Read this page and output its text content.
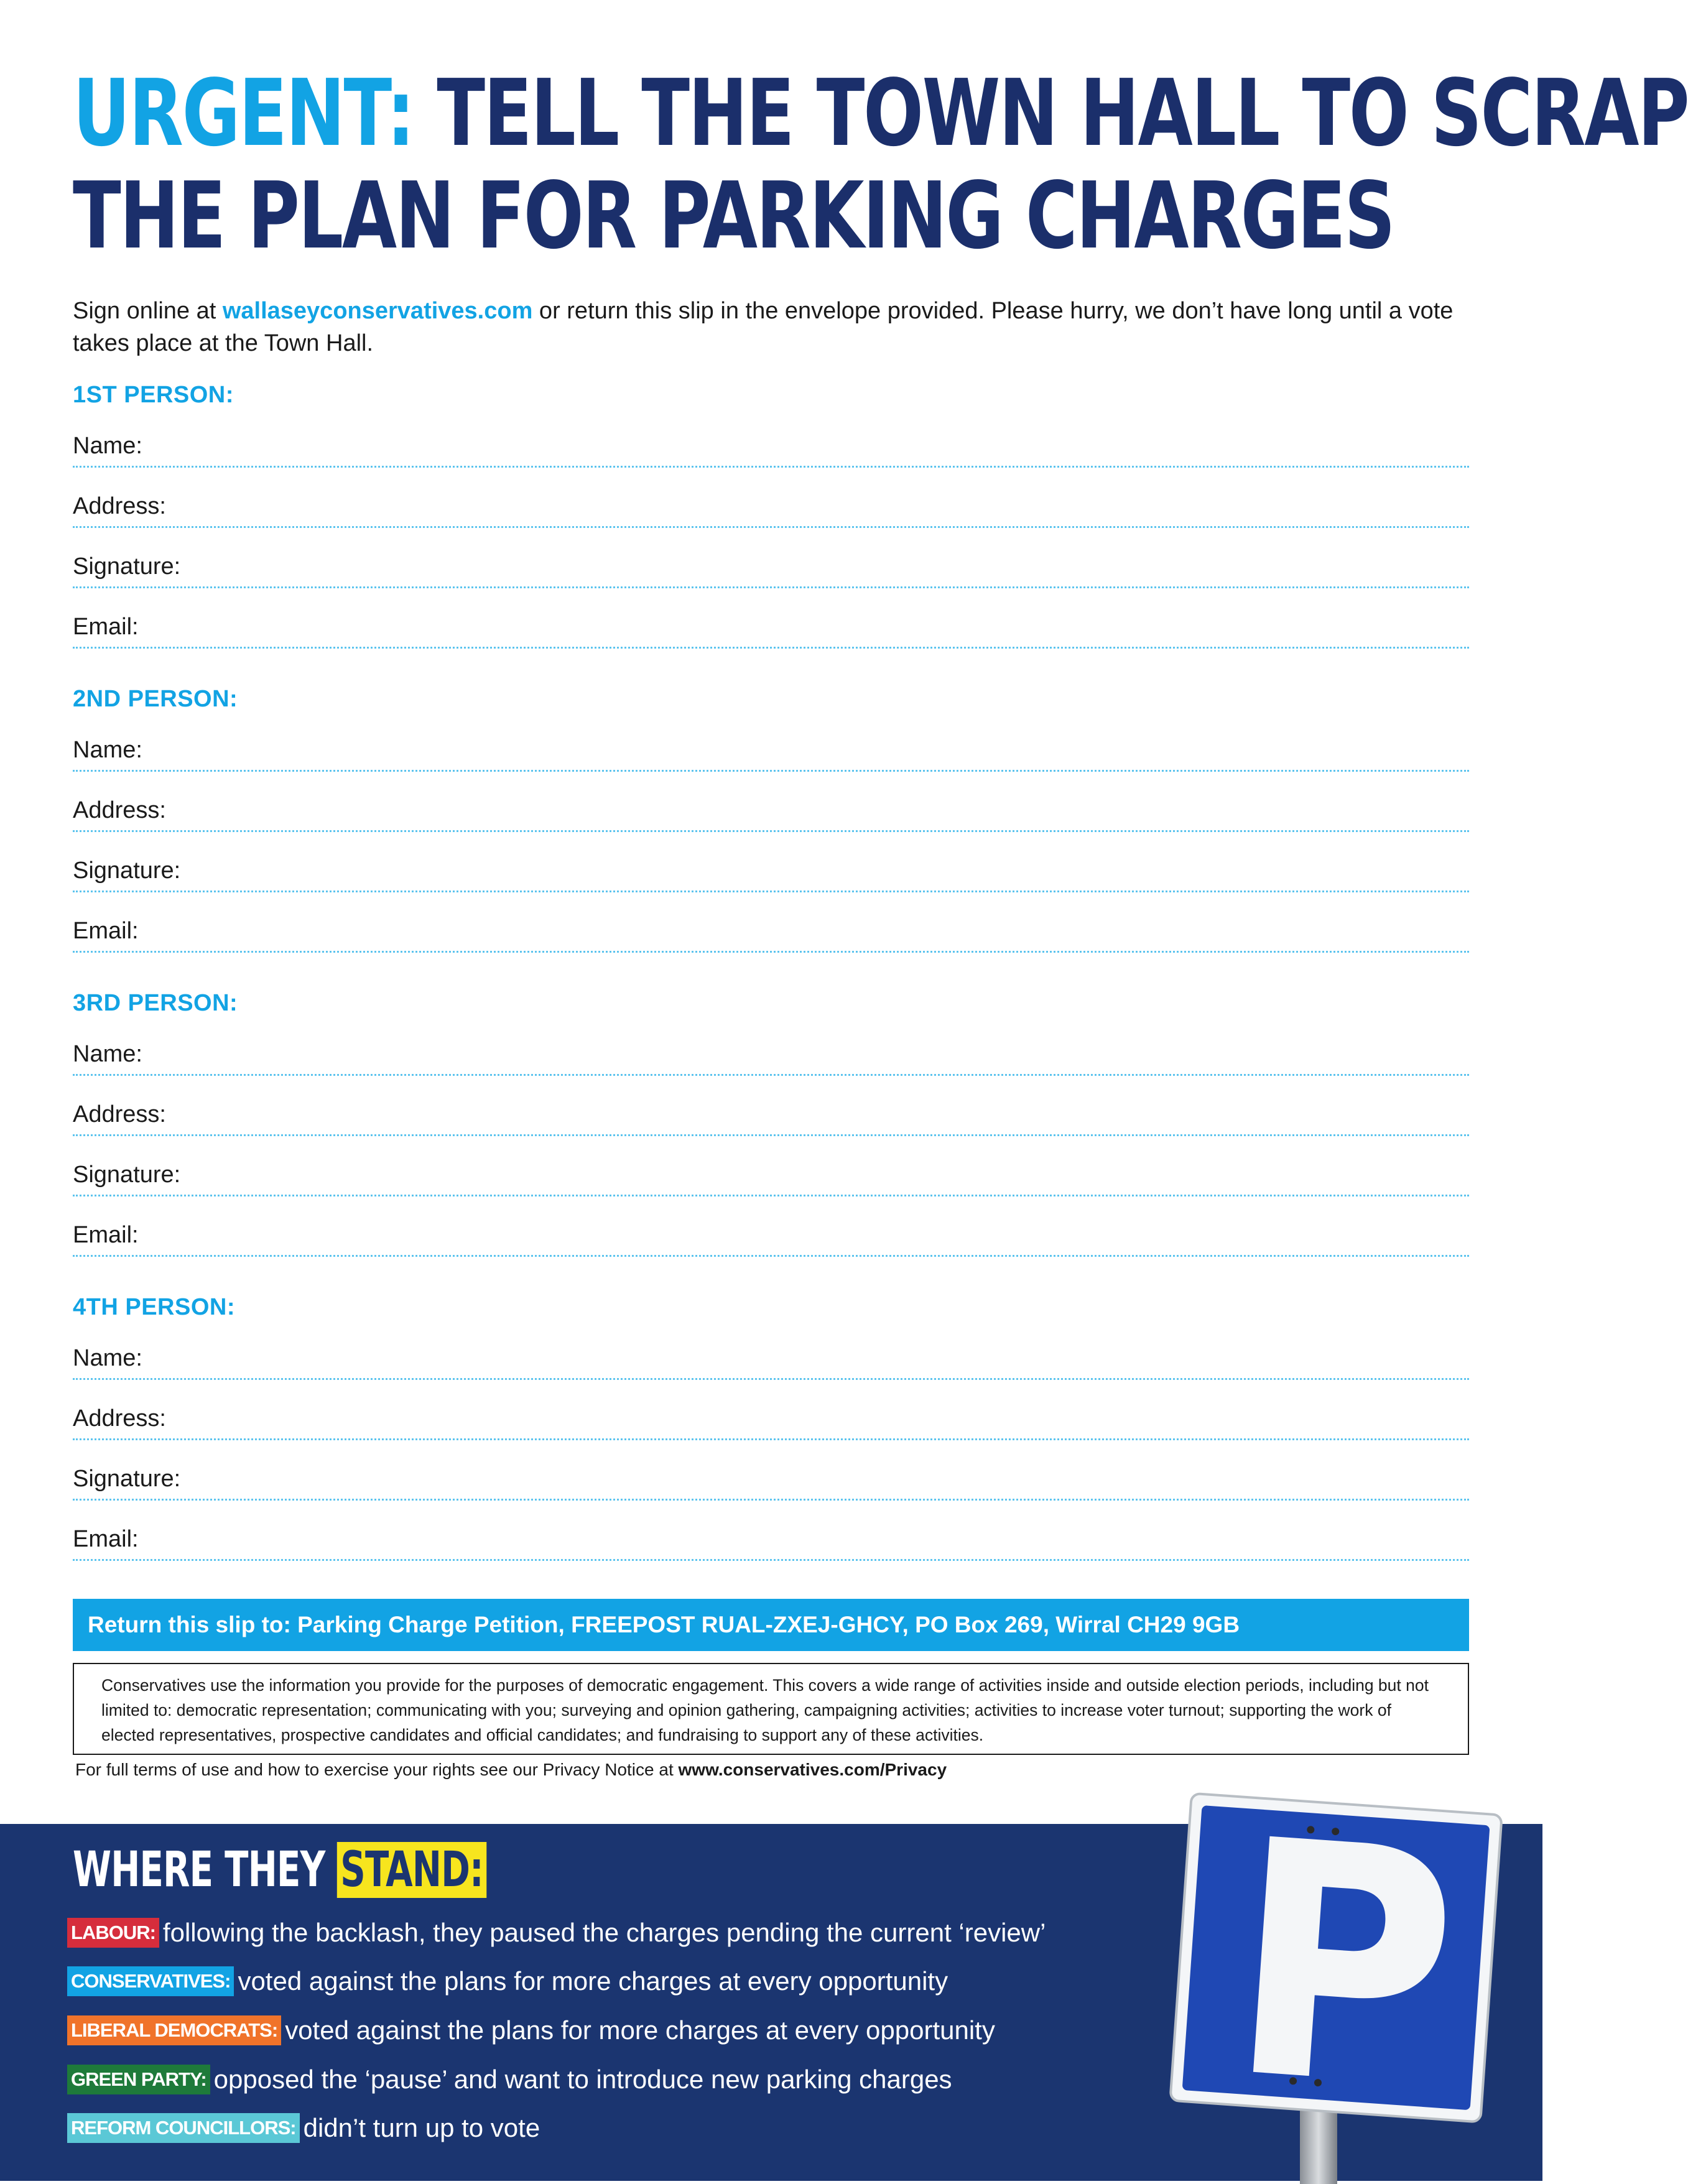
URGENT: TELL THE TOWN HALL TO SCRAP
THE PLAN FOR PARKING CHARGES

Sign online at wallaseyconservatives.com or return this slip in the envelope provided. Please hurry, we don’t have long until a vote takes place at the Town Hall.

1ST PERSON:
Name:
Address:
Signature:
Email:
2ND PERSON:
Name:
Address:
Signature:
Email:
3RD PERSON:
Name:
Address:
Signature:
Email:
4TH PERSON:
Name:
Address:
Signature:
Email:
Return this slip to: Parking Charge Petition, FREEPOST RUAL-ZXEJ-GHCY, PO Box 269, Wirral CH29 9GB
Conservatives use the information you provide for the purposes of democratic engagement. This covers a wide range of activities inside and outside election periods, including but not limited to: democratic representation; communicating with you; surveying and opinion gathering, campaigning activities; activities to increase voter turnout; supporting the work of elected representatives, prospective candidates and official candidates; and fundraising to support any of these activities.

For full terms of use and how to exercise your rights see our Privacy Notice at www.conservatives.com/Privacy

WHERE THEY STAND:
LABOUR: following the backlash, they paused the charges pending the current ‘review’
CONSERVATIVES: voted against the plans for more charges at every opportunity
LIBERAL DEMOCRATS: voted against the plans for more charges at every opportunity
GREEN PARTY: opposed the ‘pause’ and want to introduce new parking charges
REFORM COUNCILLORS: didn’t turn up to vote
